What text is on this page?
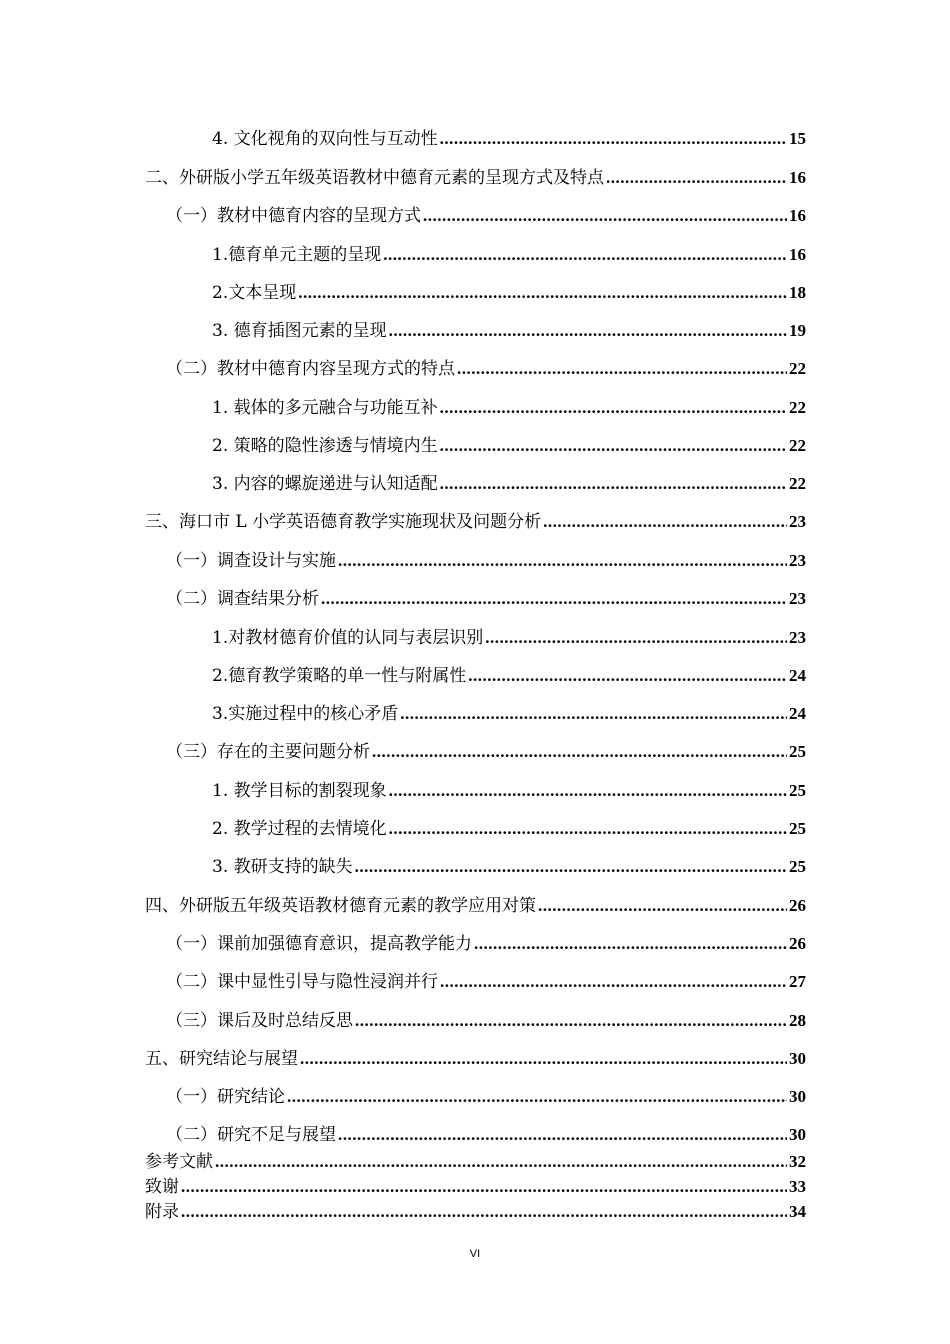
4. 文化视角的双向性与互动性 .....	15
二、外研版小学五年级英语教材中德育元素的呈现方式及特点 .....	16
（一）教材中德育内容的呈现方式 .....	16
1.德育单元主题的呈现 .....	16
2.文本呈现 .....	18
3. 德育插图元素的呈现 .....	19
（二）教材中德育内容呈现方式的特点 .....	22
1. 载体的多元融合与功能互补 .....	22
2. 策略的隐性渗透与情境内生 .....	22
3. 内容的螺旋递进与认知适配 .....	22
三、海口市 L 小学英语德育教学实施现状及问题分析 .....	23
（一）调查设计与实施 .....	23
（二）调查结果分析 .....	23
1.对教材德育价值的认同与表层识别 .....	23
2.德育教学策略的单一性与附属性 .....	24
3.实施过程中的核心矛盾 .....	24
（三）存在的主要问题分析 .....	25
1. 教学目标的割裂现象 .....	25
2. 教学过程的去情境化 .....	25
3. 教研支持的缺失 .....	25
四、外研版五年级英语教材德育元素的教学应用对策 .....	26
（一）课前加强德育意识，提高教学能力 .....	26
（二）课中显性引导与隐性浸润并行 .....	27
（三）课后及时总结反思 .....	28
五、研究结论与展望 .....	30
（一）研究结论 .....	30
（二）研究不足与展望 .....	30
参考文献 .....	32
致谢 .....	33
附录 .....	34
VI
